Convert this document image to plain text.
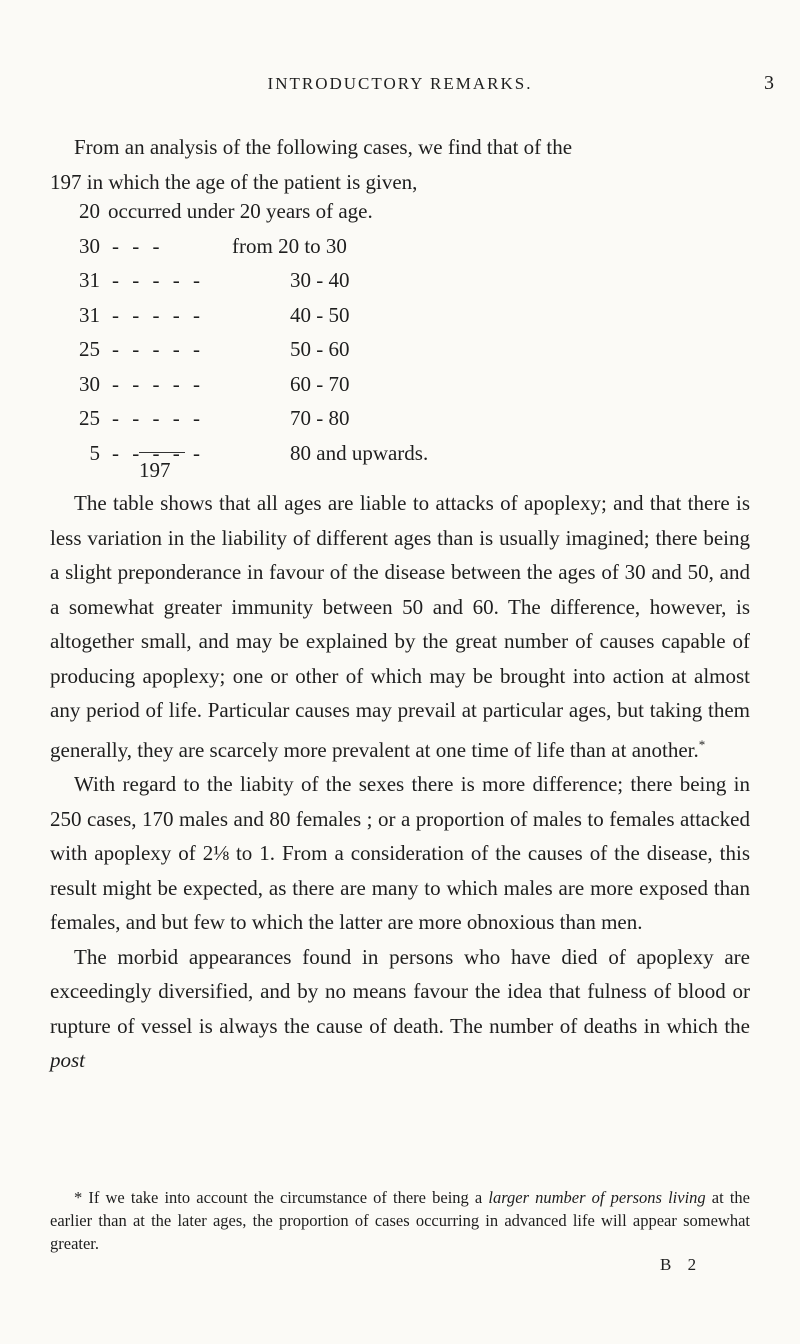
INTRODUCTORY REMARKS.	3

From an analysis of the following cases, we find that of the

197 in which the age of the patient is given,

20 occurred under 20 years of age.
30 - - -	from 20 to 30
31 - - - - -	30 - 40
31 - - - - -	40 - 50
25 - - - - -	50 - 60
30 - - - - -	60 - 70
25 - - - - -	70 - 80
5 - - - - -	80 and upwards.
197

The table shows that all ages are liable to attacks of apoplexy; and that there is less variation in the liability of different ages than is usually imagined; there being a slight preponderance in favour of the disease between the ages of 30 and 50, and a somewhat greater immunity between 50 and 60. The difference, however, is altogether small, and may be explained by the great number of causes capable of producing apoplexy; one or other of which may be brought into action at almost any period of life. Particular causes may prevail at particular ages, but taking them generally, they are scarcely more prevalent at one time of life than at another.*

With regard to the liabity of the sexes there is more difference; there being in 250 cases, 170 males and 80 females ; or a proportion of males to females attacked with apoplexy of 2⅛ to 1. From a consideration of the causes of the disease, this result might be expected, as there are many to which males are more exposed than females, and but few to which the latter are more obnoxious than men.

The morbid appearances found in persons who have died of apoplexy are exceedingly diversified, and by no means favour the idea that fulness of blood or rupture of vessel is always the cause of death. The number of deaths in which the post

* If we take into account the circumstance of there being a larger number of persons living at the earlier than at the later ages, the proportion of cases occurring in advanced life will appear somewhat greater.

B 2
